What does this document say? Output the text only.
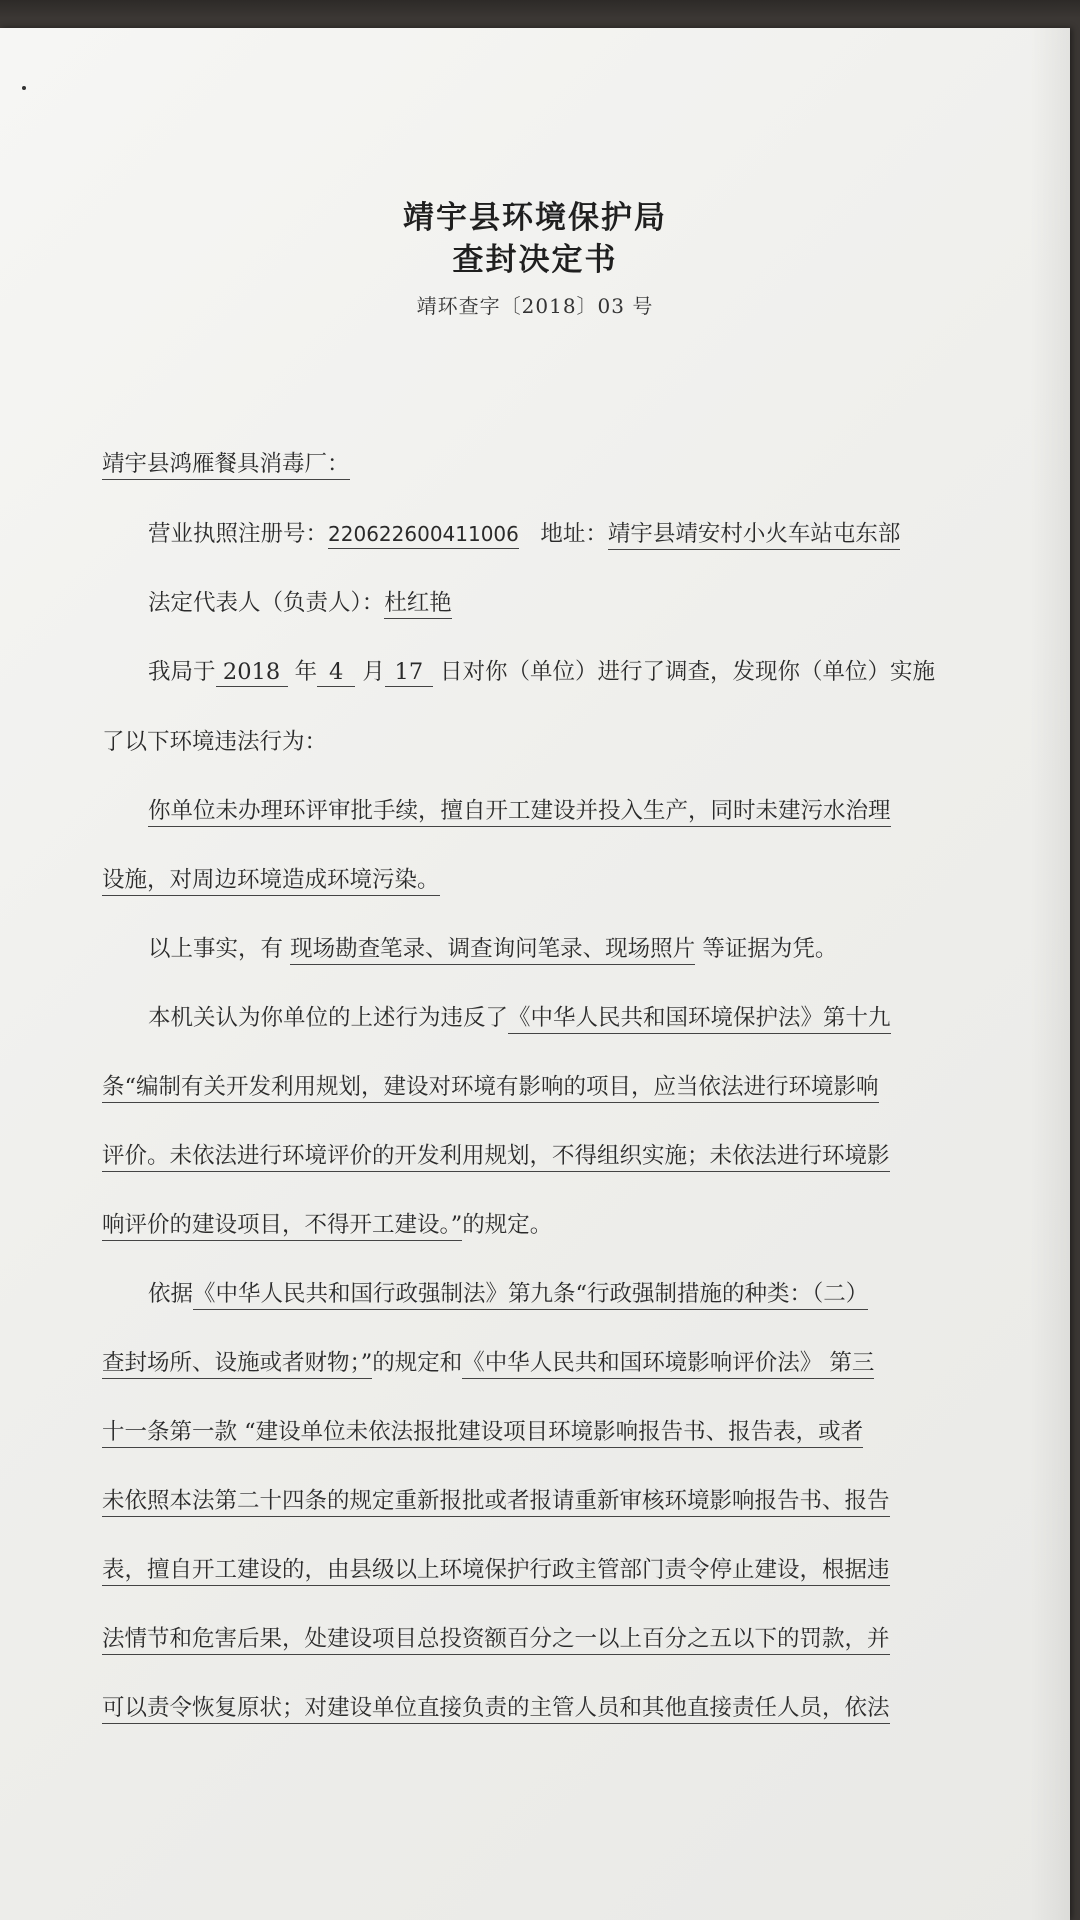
靖宇县环境保护局
查封决定书
靖环查字〔2018〕03 号
靖宇县鸿雁餐具消毒厂：
营业执照注册号：220622600411006 地址：靖宇县靖安村小火车站屯东部
法定代表人（负责人）：杜红艳
我局于 2018 年 4 月 17 日对你（单位）进行了调查，发现你（单位）实施
了以下环境违法行为：
你单位未办理环评审批手续，擅自开工建设并投入生产，同时未建污水治理
设施，对周边环境造成环境污染。
以上事实，有 现场勘查笔录、调查询问笔录、现场照片 等证据为凭。
本机关认为你单位的上述行为违反了《中华人民共和国环境保护法》第十九
条“编制有关开发利用规划，建设对环境有影响的项目，应当依法进行环境影响
评价。未依法进行环境评价的开发利用规划，不得组织实施；未依法进行环境影
响评价的建设项目，不得开工建设。”的规定。
依据《中华人民共和国行政强制法》第九条“行政强制措施的种类：（二）
查封场所、设施或者财物；”的规定和《中华人民共和国环境影响评价法》 第三
十一条第一款 “建设单位未依法报批建设项目环境影响报告书、报告表，或者
未依照本法第二十四条的规定重新报批或者报请重新审核环境影响报告书、报告
表，擅自开工建设的，由县级以上环境保护行政主管部门责令停止建设，根据违
法情节和危害后果，处建设项目总投资额百分之一以上百分之五以下的罚款，并
可以责令恢复原状；对建设单位直接负责的主管人员和其他直接责任人员，依法
